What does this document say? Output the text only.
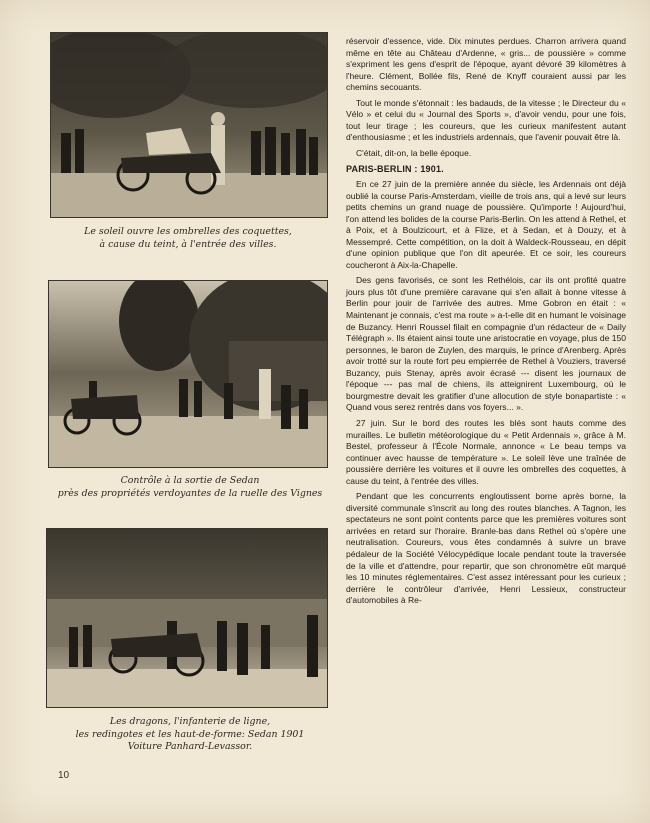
Le soleil ouvre les ombrelles des coquettes,
à cause du teint, à l'entrée des villes.
Contrôle à la sortie de Sedan
près des propriétés verdoyantes de la ruelle des Vignes
Les dragons, l'infanterie de ligne,
les redingotes et les haut-de-forme: Sedan 1901
Voiture Panhard-Levassor.

réservoir d'essence, vide. Dix minutes perdues. Charron arrivera quand même en tête au Château d'Ardenne, « gris... de poussière » comme s'expriment les gens d'esprit de l'époque, ayant dévoré 39 kilomètres à l'heure. Clément, Bollée fils, René de Knyff couraient aussi par les chemins secouants.

Tout le monde s'étonnait : les badauds, de la vitesse ; le Directeur du « Vélo » et celui du « Journal des Sports », d'avoir vendu, pour une fois, tout leur tirage ; les coureurs, que les curieux manifestent autant d'enthousiasme ; et les industriels ardennais, que l'avenir pouvait être là.

C'était, dit-on, la belle époque.

PARIS-BERLIN : 1901.

En ce 27 juin de la première année du siècle, les Ardennais ont déjà oublié la course Paris-Amsterdam, vieille de trois ans, qui a levé sur leurs petits chemins un grand nuage de poussière. Qu'importe ! Aujourd'hui, l'on attend les bolides de la course Paris-Berlin. On les attend à Rethel, et à Poix, et à Boulzicourt, et à Flize, et à Sedan, et à Douzy, et à Messempré. Cette compétition, on la doit à Waldeck-Rousseau, en dépit d'une opinion publique que l'on dit apeurée. Et ce soir, les coureurs coucheront à Aix-la-Chapelle.

Des gens favorisés, ce sont les Rethélois, car ils ont profité quatre jours plus tôt d'une première caravane qui s'en allait à bonne vitesse à Berlin pour jouir de l'arrivée des autres. Mme Gobron en était : « Maintenant je connais, c'est ma route » a-t-elle dit en humant le voisinage de Buzancy. Henri Roussel filait en compagnie d'un rédacteur de « Daily Télégraph ». Ils étaient ainsi toute une aristocratie en voyage, plus de 150 personnes, le baron de Zuylen, des marquis, le prince d'Arenberg. Après avoir trotté sur la route fort peu empierrée de Rethel à Vouziers, traversé Buzancy, puis Stenay, après avoir écrasé --- disent les journaux de l'époque --- pas mal de chiens, ils atteignirent Luxembourg, où le bourgmestre devait les gratifier d'une allocution de style bonapartiste : « Quand vous serez rentrés dans vos foyers... ».

27 juin. Sur le bord des routes les blés sont hauts comme des murailles. Le bulletin météorologique du « Petit Ardennais », grâce à M. Bestel, professeur à l'École Normale, annonce « Le beau temps va continuer avec hausse de température ». Le soleil lève une traînée de poussière derrière les voitures et il ouvre les ombrelles des coquettes, à cause du teint, à l'entrée des villes.

Pendant que les concurrents engloutissent borne après borne, la diversité communale s'inscrit au long des routes blanches. A Tagnon, les spectateurs ne sont point contents parce que les premières voitures sont arrivées en retard sur l'horaire. Branle-bas dans Rethel où s'opère une neutralisation. Coureurs, vous êtes condamnés à suivre un brave pédaleur de la Société Vélocypédique locale pendant toute la traversée de la ville et d'attendre, pour repartir, que son chronomètre eût marqué les 10 minutes réglementaires. C'est assez intéressant pour les curieux ; derrière le contrôleur d'arrivée, Henri Lessieux, constructeur d'automobiles à Re-

10
